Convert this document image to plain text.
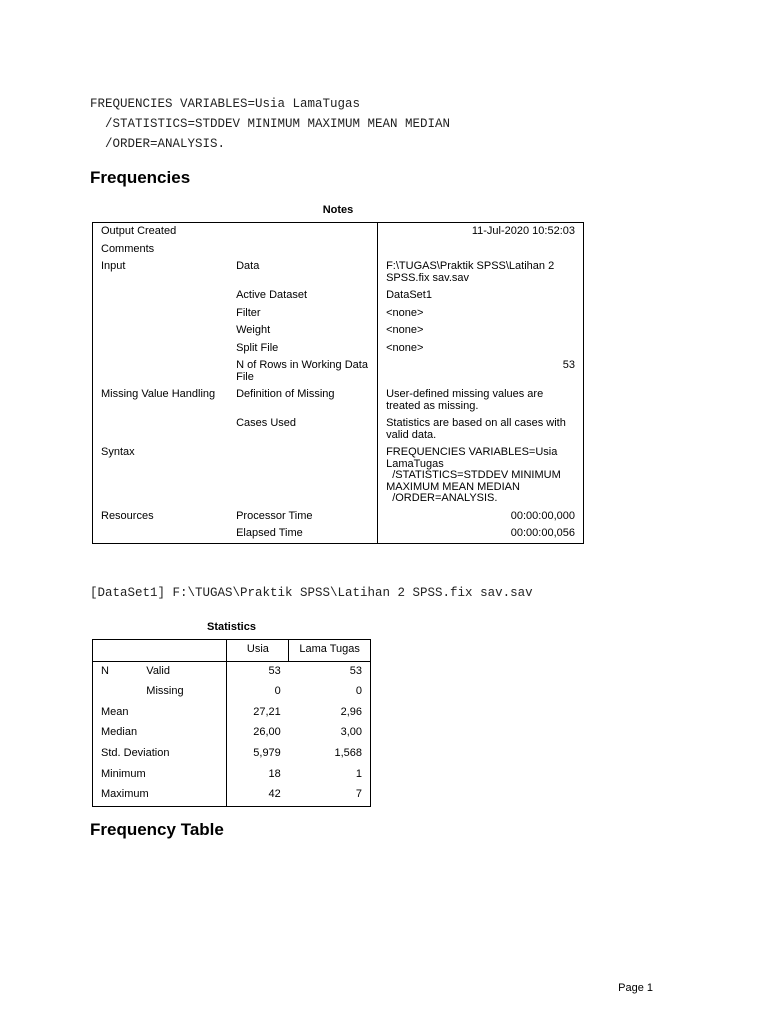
FREQUENCIES VARIABLES=Usia LamaTugas
/STATISTICS=STDDEV MINIMUM MAXIMUM MEAN MEDIAN
/ORDER=ANALYSIS.
Frequencies
Notes
Output Created		11-Jul-2020 10:52:03
Comments		
Input	Data	F:\TUGAS\Praktik SPSS\Latihan 2 SPSS.fix sav.sav
	Active Dataset	DataSet1
	Filter	<none>
	Weight	<none>
	Split File	<none>
	N of Rows in Working Data File	53
Missing Value Handling	Definition of Missing	User-defined missing values are treated as missing.
	Cases Used	Statistics are based on all cases with valid data.
Syntax		FREQUENCIES VARIABLES=Usia
LamaTugas
/STATISTICS=STDDEV MINIMUM
MAXIMUM MEAN MEDIAN
/ORDER=ANALYSIS.
Resources	Processor Time	00:00:00,000
	Elapsed Time	00:00:00,056
[DataSet1] F:\TUGAS\Praktik SPSS\Latihan 2 SPSS.fix sav.sav
Statistics
		Usia	Lama Tugas
N	Valid	53	53
	Missing	0	0
Mean		27,21	2,96
Median		26,00	3,00
Std. Deviation		5,979	1,568
Minimum		18	1
Maximum		42	7
Frequency Table
Page 1
